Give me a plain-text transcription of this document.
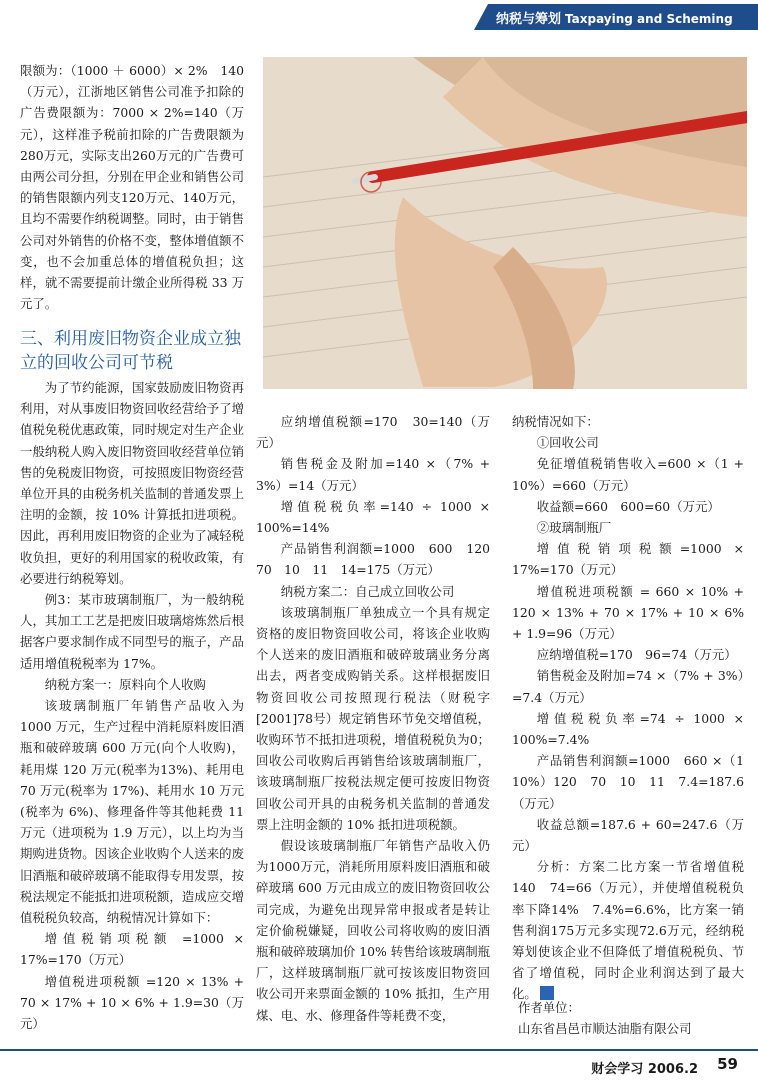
纳税与筹划 Taxpaying and Scheming

限额为：（1000 ＋ 6000）× 2%　140（万元），江浙地区销售公司准予扣除的广告费限额为：7000 × 2%=140（万元），这样准予税前扣除的广告费限额为280万元，实际支出260万元的广告费可由两公司分担，分别在甲企业和销售公司的销售限额内列支120万元、140万元，且均不需要作纳税调整。同时，由于销售公司对外销售的价格不变，整体增值额不变，也不会加重总体的增值税负担；这样，就不需要提前计缴企业所得税 33 万元了。

三、利用废旧物资企业成立独立的回收公司可节税

为了节约能源，国家鼓励废旧物资再利用，对从事废旧物资回收经营给予了增值税免税优惠政策，同时规定对生产企业一般纳税人购入废旧物资回收经营单位销售的免税废旧物资，可按照废旧物资经营单位开具的由税务机关监制的普通发票上注明的金额，按 10% 计算抵扣进项税。因此，再利用废旧物资的企业为了减轻税收负担，更好的利用国家的税收政策，有必要进行纳税筹划。

例3：某市玻璃制瓶厂，为一般纳税人，其加工工艺是把废旧玻璃熔炼然后根据客户要求制作成不同型号的瓶子，产品适用增值税税率为 17%。

纳税方案一：原料向个人收购

该玻璃制瓶厂年销售产品收入为 1000 万元，生产过程中消耗原料废旧酒瓶和破碎玻璃 600 万元(向个人收购)，耗用煤 120 万元(税率为13%)、耗用电 70 万元(税率为 17%)、耗用水 10 万元(税率为 6%)、修理备件等其他耗费 11 万元（进项税为 1.9 万元），以上均为当期购进货物。因该企业收购个人送来的废旧酒瓶和破碎玻璃不能取得专用发票，按税法规定不能抵扣进项税额，造成应交增值税税负较高，纳税情况计算如下：

增值税销项税额 =1000 × 17%=170（万元）

增值税进项税额 =120 × 13% + 70 × 17% + 10 × 6% + 1.9=30（万元）

应纳增值税额=170　30=140（万元）

销售税金及附加=140 ×（7% + 3%）=14（万元）

增值税税负率=140 ÷ 1000 × 100%=14%

产品销售利润额=1000　600　120　70　10　11　14=175（万元）

纳税方案二：自己成立回收公司

该玻璃制瓶厂单独成立一个具有规定资格的废旧物资回收公司，将该企业收购个人送来的废旧酒瓶和破碎玻璃业务分离出去，两者变成购销关系。这样根据废旧物资回收公司按照现行税法（财税字[2001]78号）规定销售环节免交增值税，收购环节不抵扣进项税，增值税税负为0；回收公司收购后再销售给该玻璃制瓶厂，该玻璃制瓶厂按税法规定便可按废旧物资回收公司开具的由税务机关监制的普通发票上注明金额的 10% 抵扣进项税额。

假设该玻璃制瓶厂年销售产品收入仍为1000万元，消耗所用原料废旧酒瓶和破碎玻璃 600 万元由成立的废旧物资回收公司完成，为避免出现异常申报或者是转让定价偷税嫌疑，回收公司将收购的废旧酒瓶和破碎玻璃加价 10% 转售给该玻璃制瓶厂，这样玻璃制瓶厂就可按该废旧物资回收公司开来票面金额的 10% 抵扣，生产用煤、电、水、修理备件等耗费不变，

纳税情况如下：

①回收公司

免征增值税销售收入=600 ×（1 + 10%）=660（万元）

收益额=660　600=60（万元）

②玻璃制瓶厂

增值税销项税额=1000 × 17%=170（万元）

增值税进项税额 = 660 × 10% + 120 × 13% + 70 × 17% + 10 × 6% + 1.9=96（万元）

应纳增值税=170　96=74（万元）

销售税金及附加=74 ×（7% + 3%）=7.4（万元）

增值税税负率=74 ÷ 1000 × 100%=7.4%

产品销售利润额=1000　660 ×（1 10%）120　70　10　11　7.4=187.6（万元）

收益总额=187.6 + 60=247.6（万元）

分析：方案二比方案一节省增值税140　74=66（万元），并使增值税税负率下降14%　7.4%=6.6%，比方案一销售利润175万元多实现72.6万元，经纳税筹划使该企业不但降低了增值税税负、节省了增值税，同时企业利润达到了最大化。

作者单位：
山东省昌邑市顺达油脂有限公司
财会学习 2006.2 59
